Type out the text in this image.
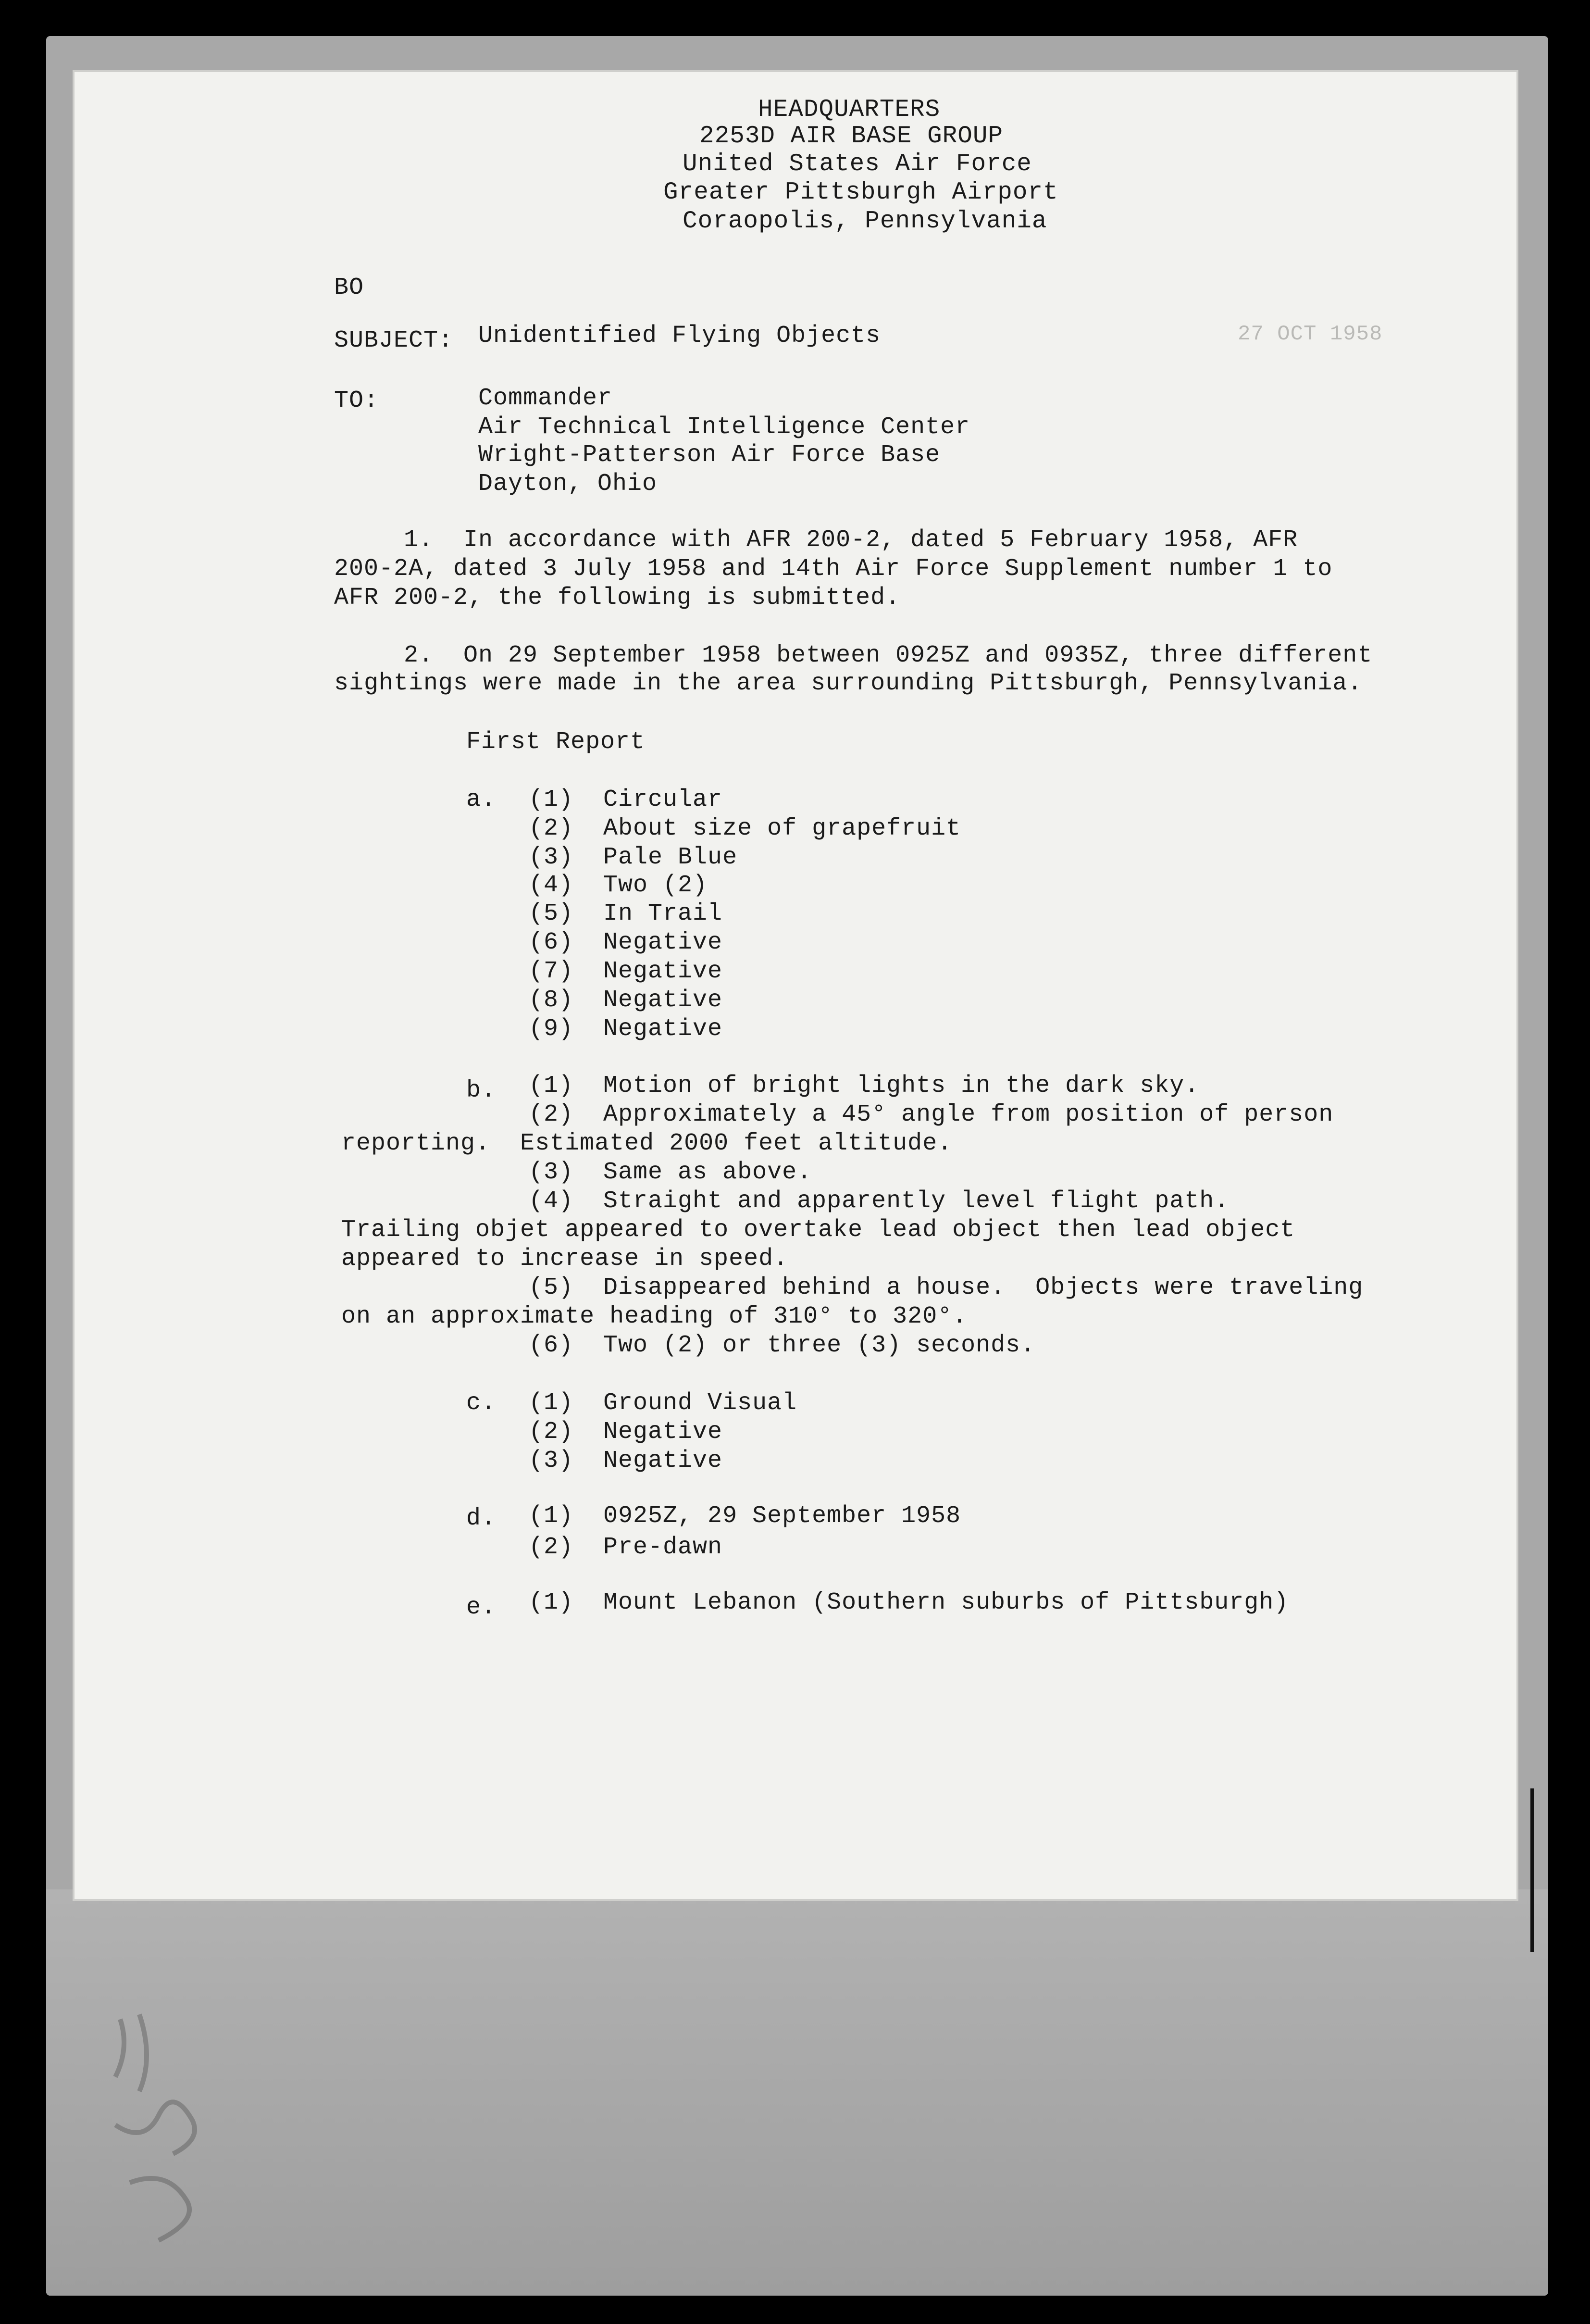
HEADQUARTERS
2253D AIR BASE GROUP
United States Air Force
Greater Pittsburgh Airport
Coraopolis, Pennsylvania
BO
27 OCT 1958
SUBJECT: Unidentified Flying Objects
TO:	Commander
Air Technical Intelligence Center
Wright-Patterson Air Force Base
Dayton, Ohio
1.  In accordance with AFR 200-2, dated 5 February 1958, AFR
200-2A, dated 3 July 1958 and 14th Air Force Supplement number 1 to
AFR 200-2, the following is submitted.
2.  On 29 September 1958 between 0925Z and 0935Z, three different
sightings were made in the area surrounding Pittsburgh, Pennsylvania.
First Report
a. (1)  Circular
(2)  About size of grapefruit
(3)  Pale Blue
(4)  Two (2)
(5)  In Trail
(6)  Negative
(7)  Negative
(8)  Negative
(9)  Negative
b. (1)  Motion of bright lights in the dark sky.
(2)  Approximately a 45° angle from position of person
reporting.  Estimated 2000 feet altitude.
(3)  Same as above.
(4)  Straight and apparently level flight path.
Trailing objet appeared to overtake lead object then lead object
appeared to increase in speed.
(5)  Disappeared behind a house.  Objects were traveling
on an approximate heading of 310° to 320°.
(6)  Two (2) or three (3) seconds.
c. (1)  Ground Visual
(2)  Negative
(3)  Negative
d. (1)  0925Z, 29 September 1958
(2)  Pre-dawn
e. (1)  Mount Lebanon (Southern suburbs of Pittsburgh)
